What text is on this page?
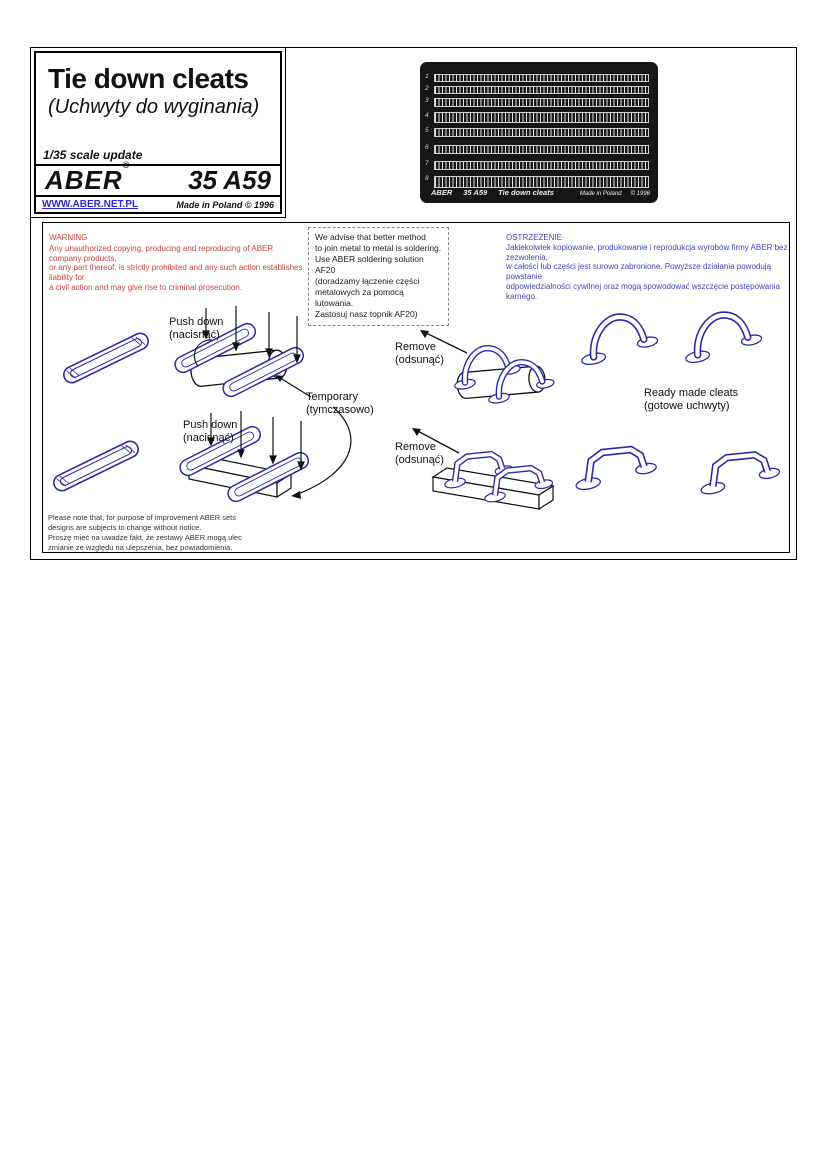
Tie down cleats
(Uchwyty do wyginania)
1/35 scale update
ABER® 35 A59
WWW.ABER.NET.PL	Made in Poland © 1996
1
2
3
4
5
6
7
8
ABER 35 A59 Tie down cleats	Made in Poland © 1996
WARNING
Any unauthorized copying, producing and reproducing of ABER company products,
or any part thereof, is strictly prohibited and any such action establishes liability for
a civil action and may give rise to criminal prosecution.
We advise that better method
to join metal to metal is soldering.
Use ABER soldering solution AF20
(doradzamy łączenie części
metalowych za pomocą lutowania.
Zastosuj nasz topnik AF20)
OSTRZEŻENIE
Jakiekolwiek kopiowanie, produkowanie i reprodukcja wyrobów firmy ABER bez zezwolenia,
w całości lub części jest surowo zabronione. Powyższe działania powodują powstanie
odpowiedzialności cywilnej oraz mogą spowodować wszczęcie postępowania karnego.
Push down
(nacisnąć)
Temporary
(tymczasowo)
Remove
(odsunąć)
Ready made cleats
(gotowe uchwyty)
Push down
(nacisnąć)
Remove
(odsunąć)
Please note that, for purpose of improvement ABER sets
designs are subjects to change without notice.
Proszę mieć na uwadze fakt, że zestawy ABER mogą ulec
zmianie ze względu na ulepszenia, bez powiadomienia.
